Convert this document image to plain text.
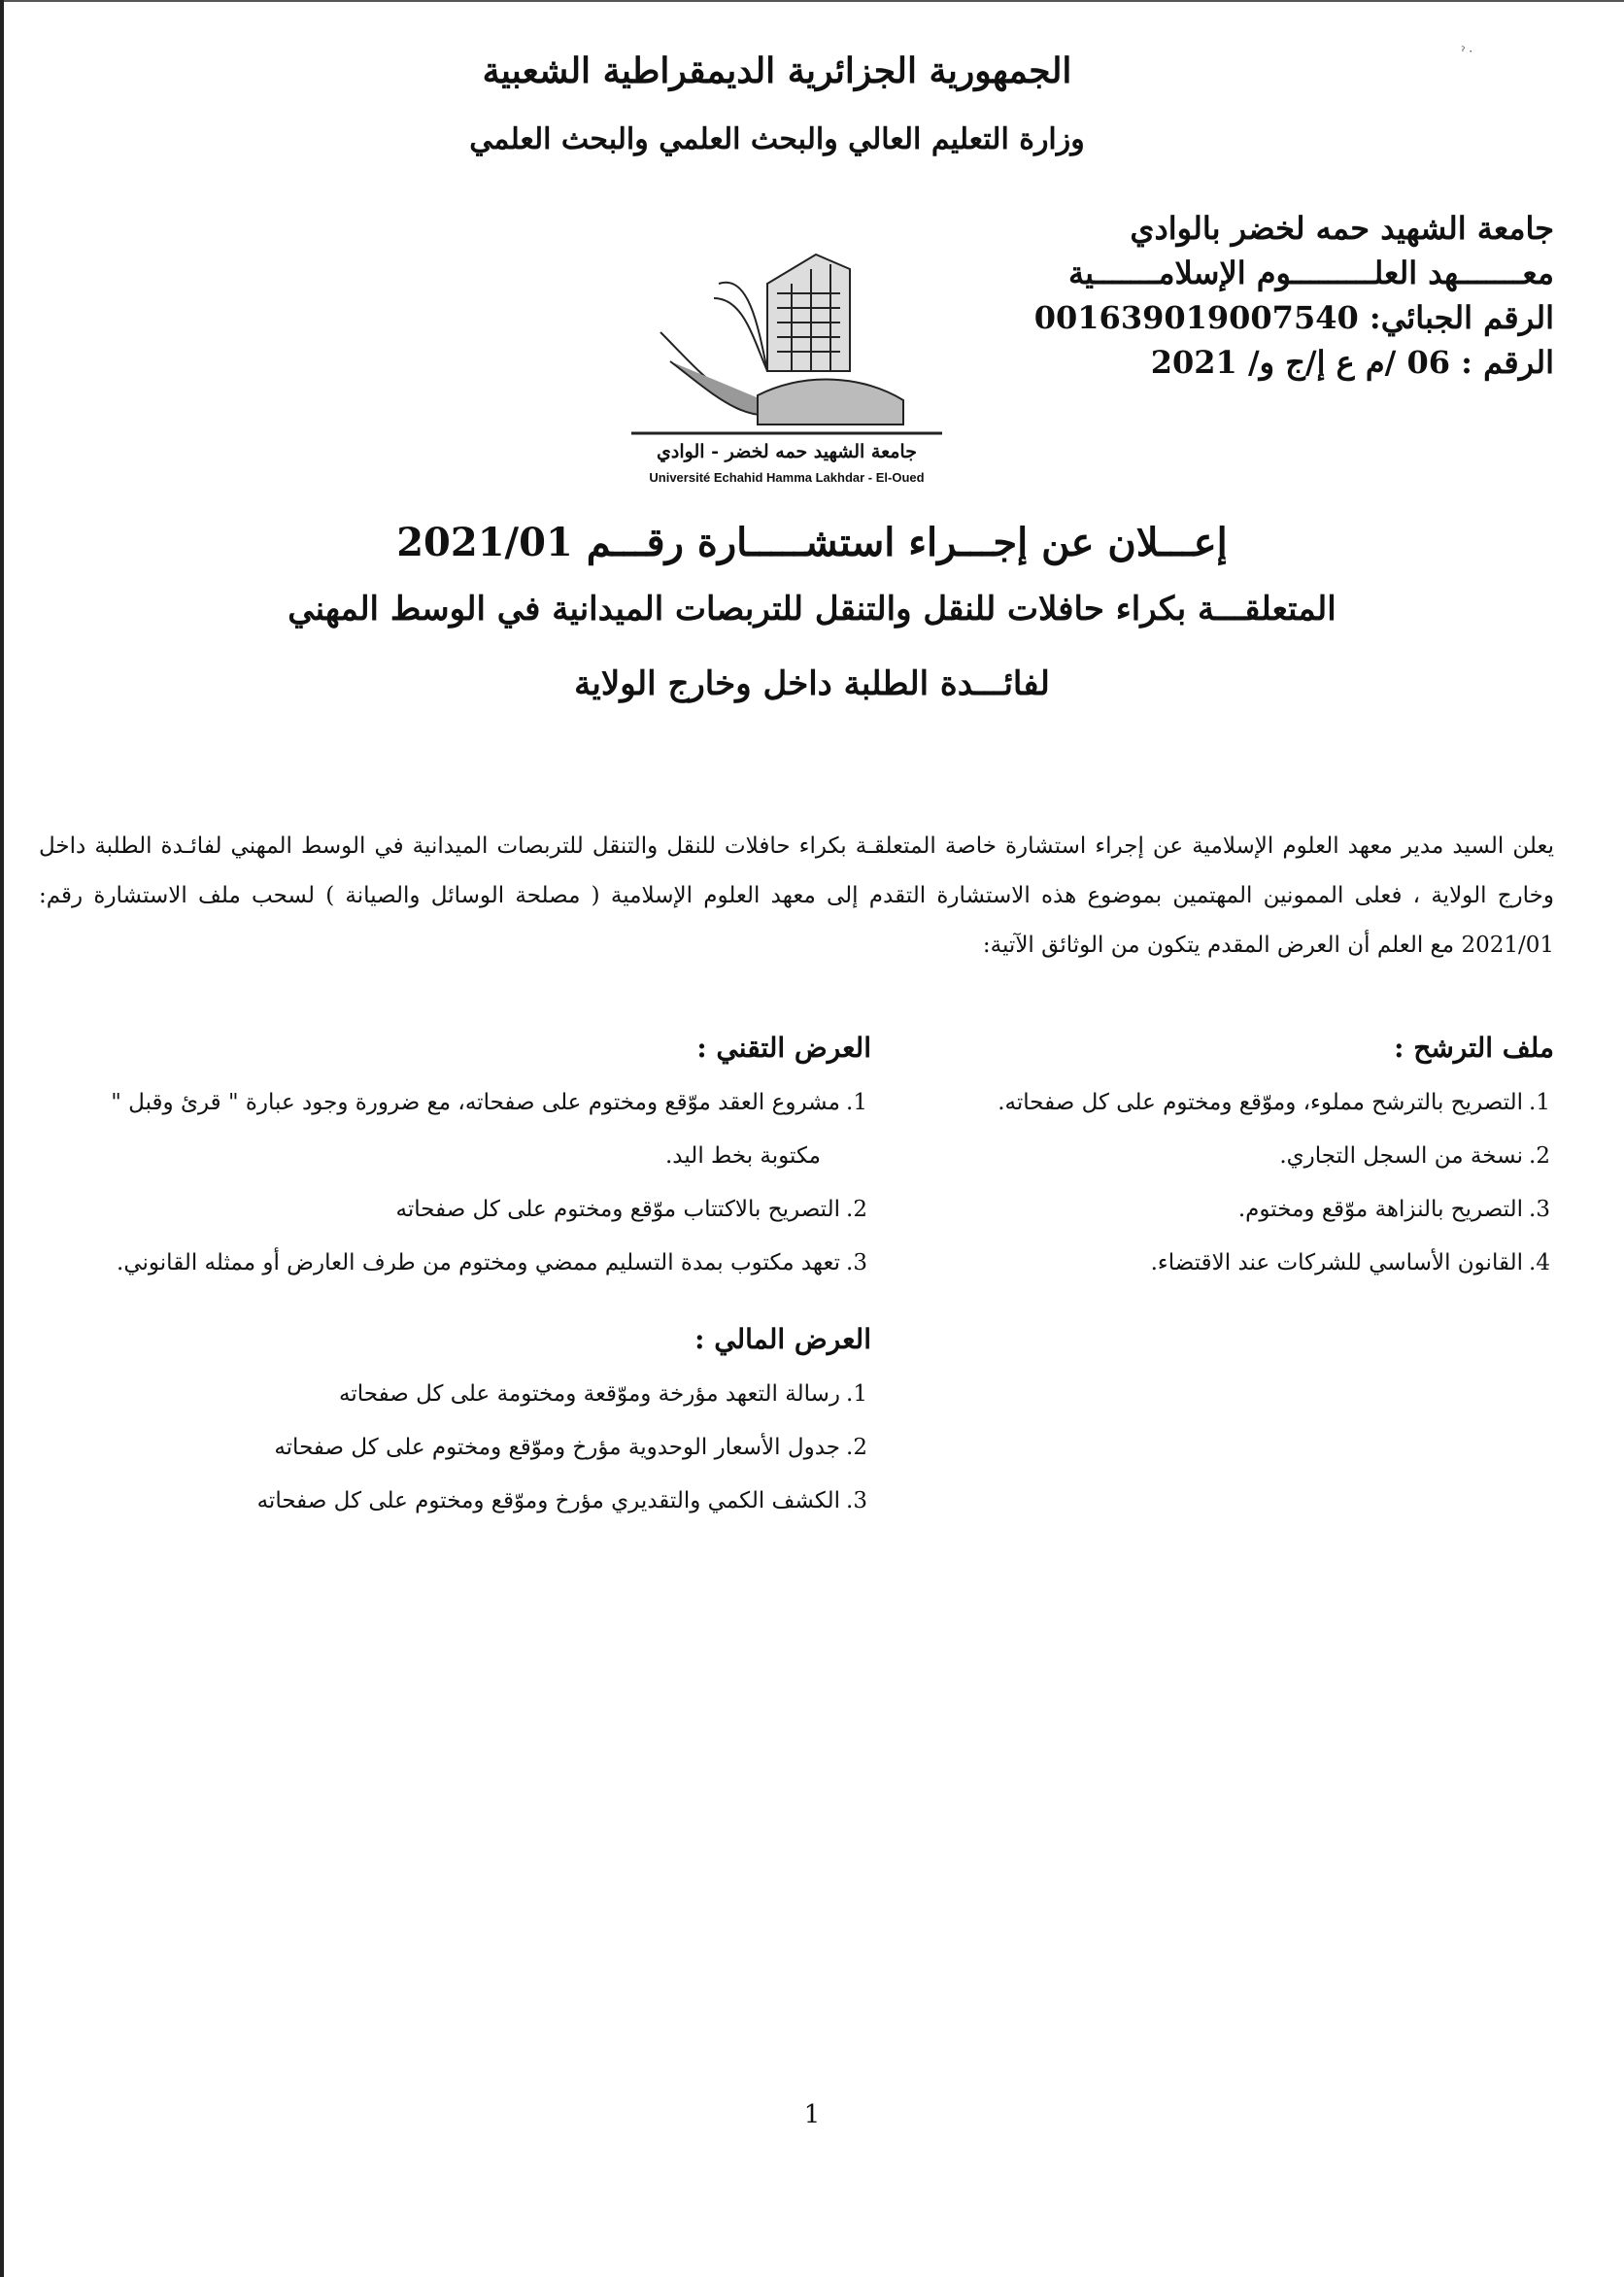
ˀ ·
الجمهورية الجزائرية الديمقراطية الشعبية
وزارة التعليم العالي والبحث العلمي والبحث العلمي
جامعة الشهيد حمه لخضر بالوادي
معـــــــهد العلـــــــــوم الإسلامـــــــية
الرقم الجبائي: 001639019007540
الرقم : 06 /م ع إ/ج و/ 2021
جامعة الشهيد حمه لخضر - الوادي
Université Echahid Hamma Lakhdar - El-Oued
إعـــلان عن إجـــراء استشـــــارة رقـــم 2021/01
المتعلقـــة بكراء حافلات للنقل والتنقل للتربصات الميدانية في الوسط المهني
لفائـــدة الطلبة داخل وخارج الولاية
يعلن السيد مدير معهد العلوم الإسلامية عن إجراء استشارة خاصة المتعلقـة بكراء حافلات للنقل والتنقل للتربصات الميدانية في الوسط المهني لفائـدة الطلبة داخل وخارج الولاية ، فعلى الممونين المهتمين بموضوع هذه الاستشارة التقدم إلى معهد العلوم الإسلامية ( مصلحة الوسائل والصيانة ) لسحب ملف الاستشارة رقم: 2021/01 مع العلم أن العرض المقدم يتكون من الوثائق الآتية:
ملف الترشح :
1.
التصريح بالترشح مملوء، وموّقع ومختوم على كل صفحاته.
2.
نسخة من السجل التجاري.
3.
التصريح بالنزاهة موّقع ومختوم.
4.
القانون الأساسي للشركات عند الاقتضاء.
العرض التقني :
1.
مشروع العقد موّقع ومختوم على صفحاته، مع ضرورة وجود عبارة " قرئ وقبل "
مكتوبة بخط اليد.
2.
التصريح بالاكتتاب موّقع ومختوم على كل صفحاته
3.
تعهد مكتوب بمدة التسليم ممضي ومختوم من طرف العارض أو ممثله القانوني.
العرض المالي :
1.
رسالة التعهد مؤرخة وموّقعة ومختومة على كل صفحاته
2.
جدول الأسعار الوحدوية مؤرخ وموّقع ومختوم على كل صفحاته
3.
الكشف الكمي والتقديري مؤرخ وموّقع ومختوم على كل صفحاته
1
